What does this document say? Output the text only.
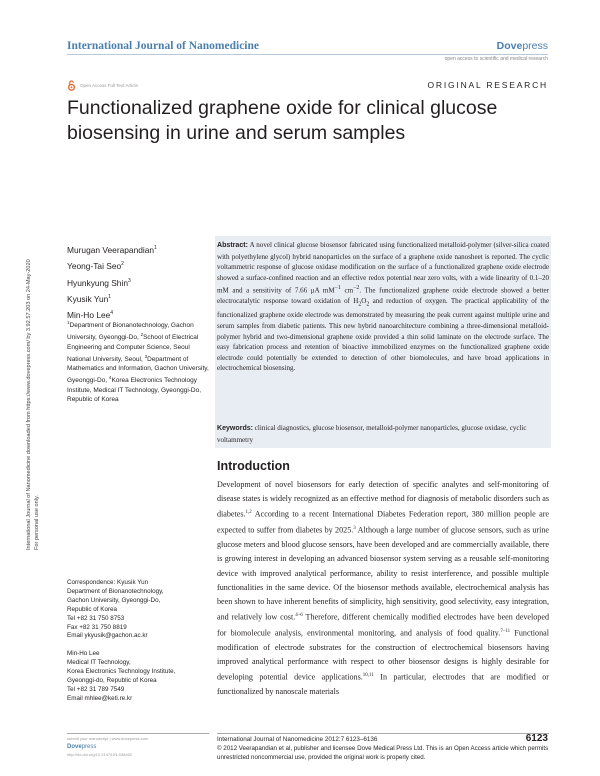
International Journal of Nanomedicine	Dovepress
open access to scientific and medical research
Open Access Full Text Article	ORIGINAL RESEARCH
Functionalized graphene oxide for clinical glucose biosensing in urine and serum samples
International Journal of Nanomedicine downloaded from https://www.dovepress.com/ by 3.92.57.203 on 24-May-2020 For personal use only.
Murugan Veerapandian$^1$
Yeong-Tai Seo$^2$
Hyunkyung Shin$^3$
Kyusik Yun$^1$
Min-Ho Lee$^4$
$^1$Department of Bionanotechnology, Gachon University, Gyeonggi-Do, $^2$School of Electrical Engineering and Computer Science, Seoul National University, Seoul, $^3$Department of Mathematics and Information, Gachon University, Gyeonggi-Do, $^4$Korea Electronics Technology Institute, Medical IT Technology, Gyeonggi-Do, Republic of Korea
Abstract: A novel clinical glucose biosensor fabricated using functionalized metalloid-polymer (silver-silica coated with polyethylene glycol) hybrid nanoparticles on the surface of a graphene oxide nanosheet is reported. The cyclic voltammetric response of glucose oxidase modification on the surface of a functionalized graphene oxide electrode showed a surface-confined reaction and an effective redox potential near zero volts, with a wide linearity of 0.1–20 mM and a sensitivity of 7.66 μA $mM^{-1}$ $cm^{-2}$. The functionalized graphene oxide electrode showed a better electrocatalytic response toward oxidation of $H_2O_2$ and reduction of oxygen. The practical applicability of the functionalized graphene oxide electrode was demonstrated by measuring the peak current against multiple urine and serum samples from diabetic patients. This new hybrid nanoarchitecture combining a three-dimensional metalloid-polymer hybrid and two-dimensional graphene oxide provided a thin solid laminate on the electrode surface. The easy fabrication process and retention of bioactive immobilized enzymes on the functionalized graphene oxide electrode could potentially be extended to detection of other biomolecules, and have broad applications in electrochemical biosensing.
Keywords: clinical diagnostics, glucose biosensor, metalloid-polymer nanoparticles, glucose oxidase, cyclic voltammetry
Introduction
Development of novel biosensors for early detection of specific analytes and self-monitoring of disease states is widely recognized as an effective method for diagnosis of metabolic disorders such as diabetes.$^{1,2}$ According to a recent International Diabetes Federation report, 380 million people are expected to suffer from diabetes by 2025.$^3$ Although a large number of glucose sensors, such as urine glucose meters and blood glucose sensors, have been developed and are commercially available, there is growing interest in developing an advanced biosensor system serving as a reusable self-monitoring device with improved analytical performance, ability to resist interference, and possible multiple functionalities in the same device. Of the biosensor methods available, electrochemical analysis has been shown to have inherent benefits of simplicity, high sensitivity, good selectivity, easy integration, and relatively low cost.$^{4-6}$ Therefore, different chemically modified electrodes have been developed for biomolecule analysis, environmental monitoring, and analysis of food quality.$^{7-11}$ Functional modification of electrode substrates for the construction of electrochemical biosensors having improved analytical performance with respect to other biosensor designs is highly desirable for developing potential device applications.$^{10,11}$ In particular, electrodes that are modified or functionalized by nanoscale materials
Correspondence: Kyusik Yun
Department of Bionanotechnology,
Gachon University, Gyeonggi-Do,
Republic of Korea
Tel +82 31 750 8753
Fax +82 31 750 8819
Email ykyusik@gachon.ac.kr
Min-Ho Lee
Medical IT Technology,
Korea Electronics Technology Institute,
Gyeonggi-do, Republic of Korea
Tel +82 31 789 7549
Email mhlee@keti.re.kr
submit your manuscript | www.dovepress.com
Dovepress
http://dx.doi.org/10.2147/IJN.S38402
International Journal of Nanomedicine 2012:7 6123–6136	6123
© 2012 Veerapandian et al, publisher and licensee Dove Medical Press Ltd. This is an Open Access article which permits unrestricted noncommercial use, provided the original work is properly cited.
